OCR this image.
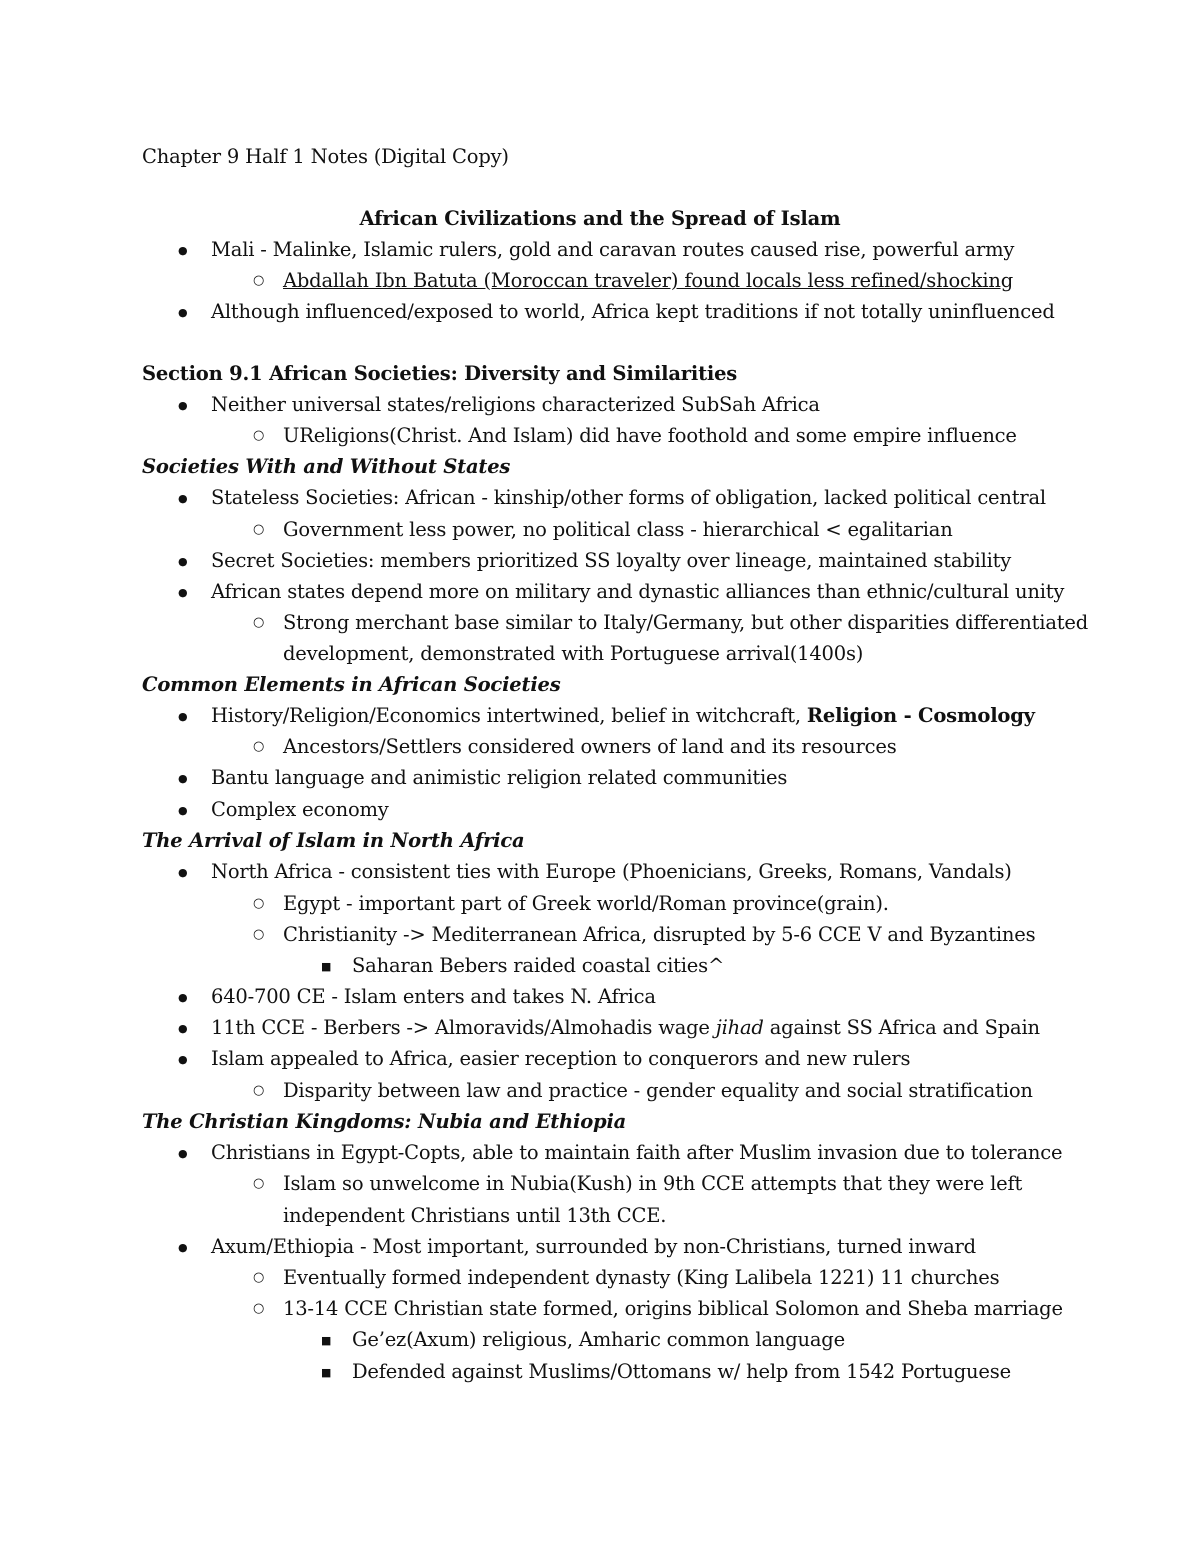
Chapter 9 Half 1 Notes (Digital Copy)
African Civilizations and the Spread of Islam
● Mali - Malinke, Islamic rulers, gold and caravan routes caused rise, powerful army
○ Abdallah Ibn Batuta (Moroccan traveler) found locals less refined/shocking
● Although influenced/exposed to world, Africa kept traditions if not totally uninfluenced
Section 9.1 African Societies: Diversity and Similarities
● Neither universal states/religions characterized SubSah Africa
○ UReligions(Christ. And Islam) did have foothold and some empire influence
Societies With and Without States
● Stateless Societies: African - kinship/other forms of obligation, lacked political central
○ Government less power, no political class - hierarchical < egalitarian
● Secret Societies: members prioritized SS loyalty over lineage, maintained stability
● African states depend more on military and dynastic alliances than ethnic/cultural unity
○ Strong merchant base similar to Italy/Germany, but other disparities differentiated
development, demonstrated with Portuguese arrival(1400s)
Common Elements in African Societies
● History/Religion/Economics intertwined, belief in witchcraft, Religion - Cosmology
○ Ancestors/Settlers considered owners of land and its resources
● Bantu language and animistic religion related communities
● Complex economy
The Arrival of Islam in North Africa
● North Africa - consistent ties with Europe (Phoenicians, Greeks, Romans, Vandals)
○ Egypt - important part of Greek world/Roman province(grain).
○ Christianity -> Mediterranean Africa, disrupted by 5-6 CCE V and Byzantines
■ Saharan Bebers raided coastal cities^
● 640-700 CE - Islam enters and takes N. Africa
● 11th CCE - Berbers -> Almoravids/Almohadis wage jihad against SS Africa and Spain
● Islam appealed to Africa, easier reception to conquerors and new rulers
○ Disparity between law and practice - gender equality and social stratification
The Christian Kingdoms: Nubia and Ethiopia
● Christians in Egypt-Copts, able to maintain faith after Muslim invasion due to tolerance
○ Islam so unwelcome in Nubia(Kush) in 9th CCE attempts that they were left
independent Christians until 13th CCE.
● Axum/Ethiopia - Most important, surrounded by non-Christians, turned inward
○ Eventually formed independent dynasty (King Lalibela 1221) 11 churches
○ 13-14 CCE Christian state formed, origins biblical Solomon and Sheba marriage
■ Ge’ez(Axum) religious, Amharic common language
■ Defended against Muslims/Ottomans w/ help from 1542 Portuguese
